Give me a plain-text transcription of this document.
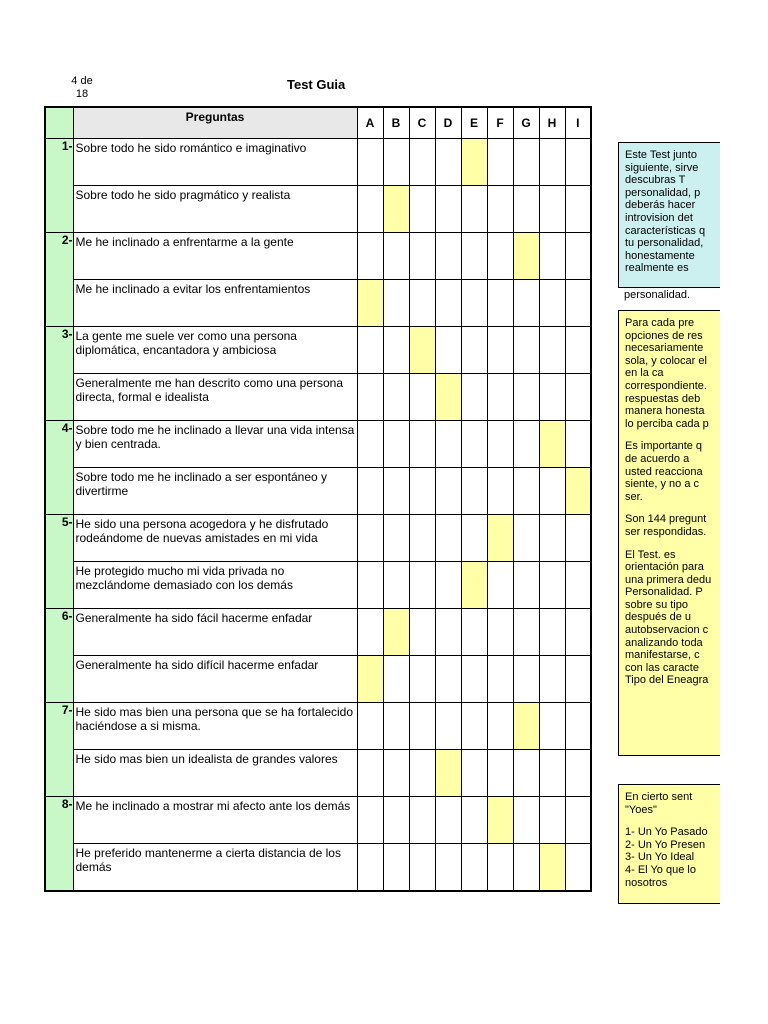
4 de
18
Test Guia
	Preguntas	A	B	C	D	E	F	G	H	I
1-	Sobre todo he sido romántico e imaginativo									
	Sobre todo he sido pragmático y realista									
2-	Me he inclinado a enfrentarme a la gente									
	Me he inclinado a evitar los enfrentamientos									
3-	La gente me suele ver como una persona diplomática, encantadora y ambiciosa									
	Generalmente me han descrito como una persona directa, formal e idealista									
4-	Sobre todo me he inclinado a llevar una vida intensa y bien centrada.									
	Sobre todo me he inclinado a ser espontáneo y divertirme									
5-	He sido una persona acogedora y he disfrutado rodeándome de nuevas amistades en mi vida									
	He protegido mucho mi vida privada no mezclándome demasiado con los demás									
6-	Generalmente ha sido fácil hacerme enfadar									
	Generalmente ha sido difícil hacerme enfadar									
7-	He sido mas bien una persona que se ha fortalecido haciéndose a si misma.									
	He sido mas bien un idealista de grandes valores									
8-	Me he inclinado a mostrar mi afecto ante los demás									
	He preferido mantenerme a cierta distancia de los demás									

Este Test junto
siguiente, sirve
descubras T
personalidad, p
deberás hacer
introvision det
características q
tu personalidad,
honestamente
realmente es

Para cada pre
opciones de res
necesariamente
sola, y colocar el
en la ca
correspondiente.
respuestas deb
manera honesta
lo perciba cada p

Es importante q
de acuerdo a
usted reacciona
siente, y no a c
ser.

Son 144 pregunt
ser respondidas.

El Test. es
orientación para
una primera dedu
Personalidad. P
sobre su tipo
después de u
autobservacion c
analizando toda
manifestarse, c
con las caracte
Tipo del Eneagra

En cierto sent
"Yoes"

1- Un Yo Pasado
2- Un Yo Presen
3- Un Yo Ideal
4- El Yo que lo
nosotros

personalidad.
